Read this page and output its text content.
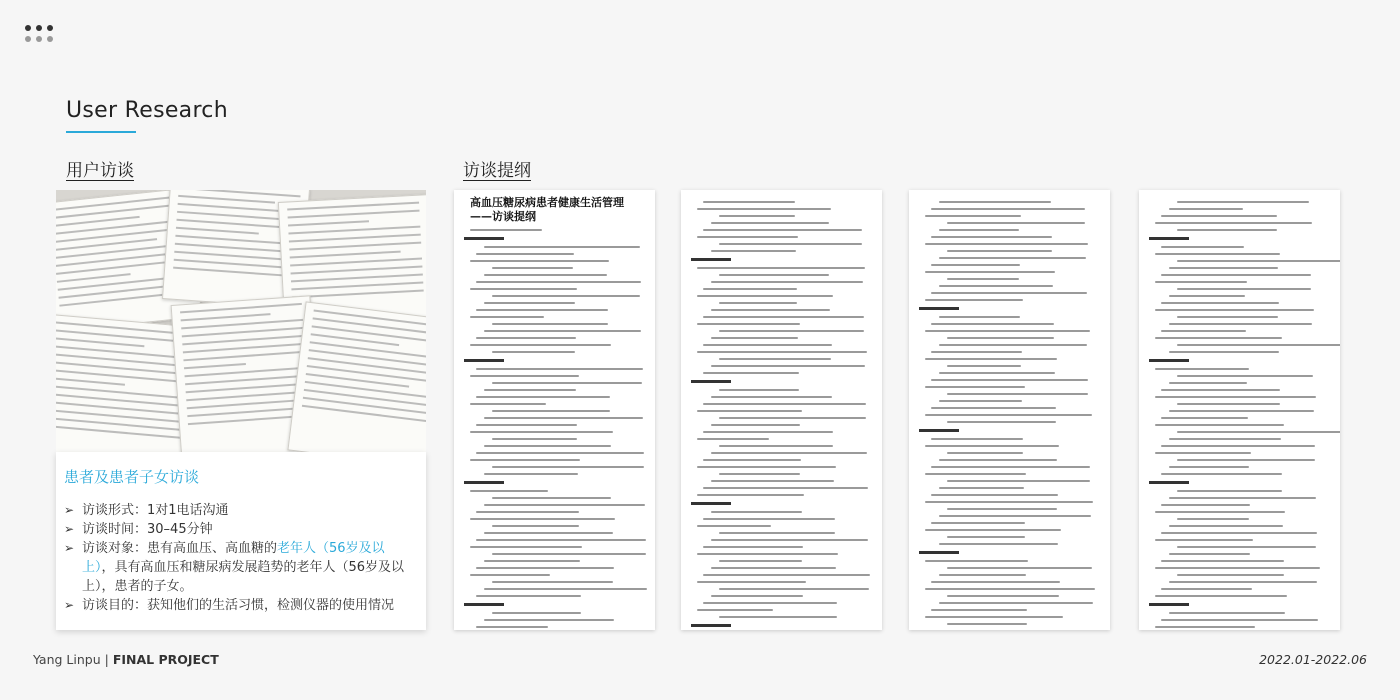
User Research
用户访谈	访谈提纲
患者及患者子女访谈
➢ 访谈形式：1对1电话沟通
➢ 访谈时间：30–45分钟
➢ 访谈对象：患有高血压、高血糖的老年人（56岁及以上），具有高血压和糖尿病发展趋势的老年人（56岁及以上），患者的子女。
➢ 访谈目的：获知他们的生活习惯，检测仪器的使用情况
高血压糖尿病患者健康生活管理——访谈提纲
Yang Linpu | FINAL PROJECT	2022.01-2022.06
